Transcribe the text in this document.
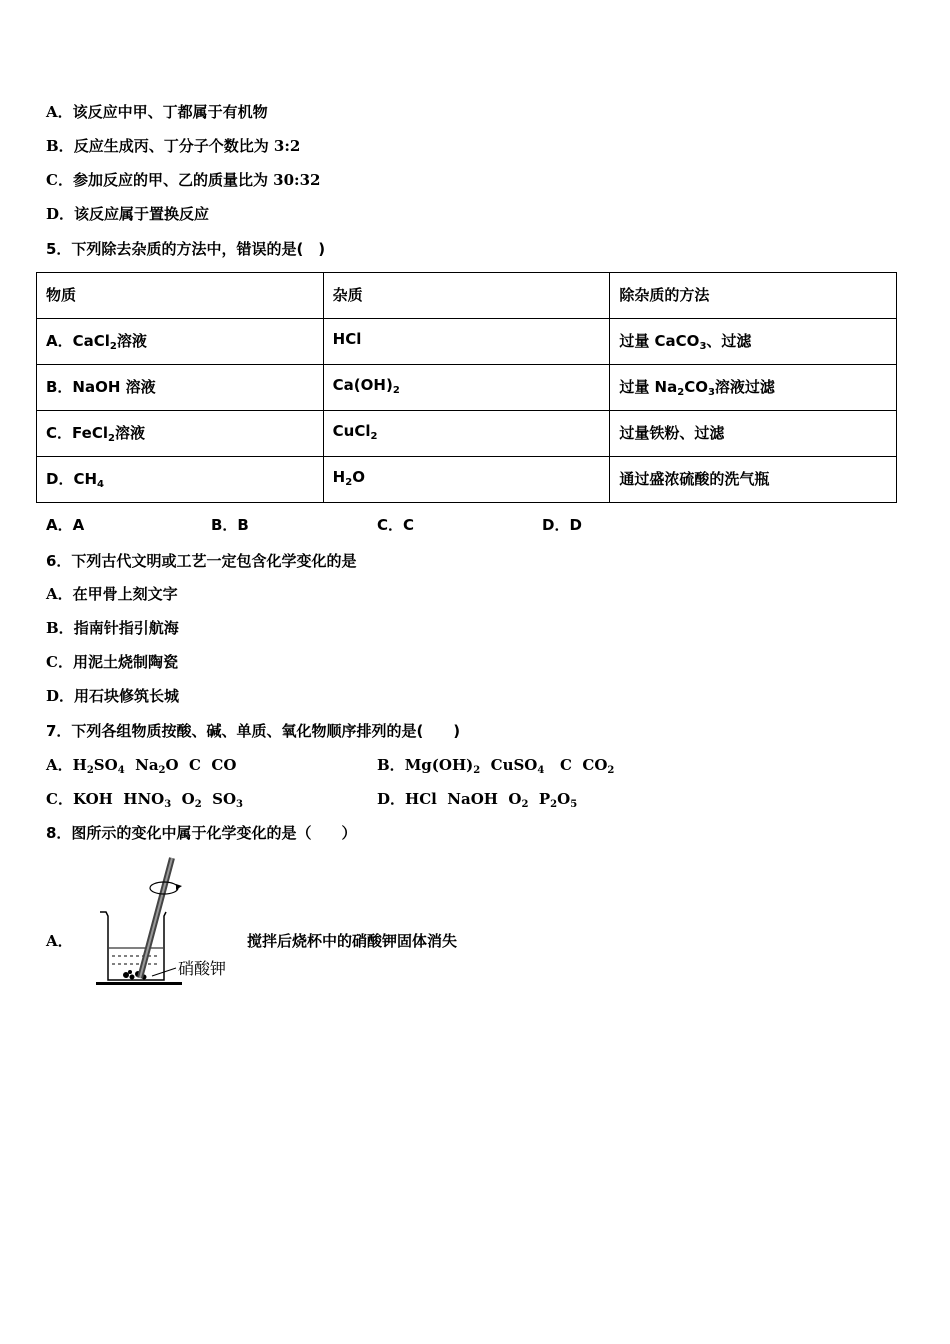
A．该反应中甲、丁都属于有机物
B．反应生成丙、丁分子个数比为 3:2
C．参加反应的甲、乙的质量比为 30:32
D．该反应属于置换反应
5．下列除去杂质的方法中，错误的是(　)
物质	杂质	除杂质的方法
A．CaCl$_2$溶液	HCl	过量 CaCO$_3$、过滤
B．NaOH 溶液	$Ca(OH)_2$	过量 $Na_2CO_3$溶液过滤
C．FeCl$_2$溶液	CuCl$_2$	过量铁粉、过滤
D．$CH_4$	$H_2O$	通过盛浓硫酸的洗气瓶
A．A	B．B	C．C	D．D
6．下列古代文明或工艺一定包含化学变化的是
A．在甲骨上刻文字
B．指南针指引航海
C．用泥土烧制陶瓷
D．用石块修筑长城
7．下列各组物质按酸、碱、单质、氧化物顺序排列的是(　　)
A．$H_2SO_4$  $Na_2O$  C  CO	B．$Mg(OH)_2$  CuSO$_4$   C  $CO_2$
C．KOH  $HNO_3$  $O_2$  $SO_3$	D．HCl  NaOH  $O_2$  $P_2O_5$
8．图所示的变化中属于化学变化的是（　　）
A．
硝酸钾
搅拌后烧杯中的硝酸钾固体消失
